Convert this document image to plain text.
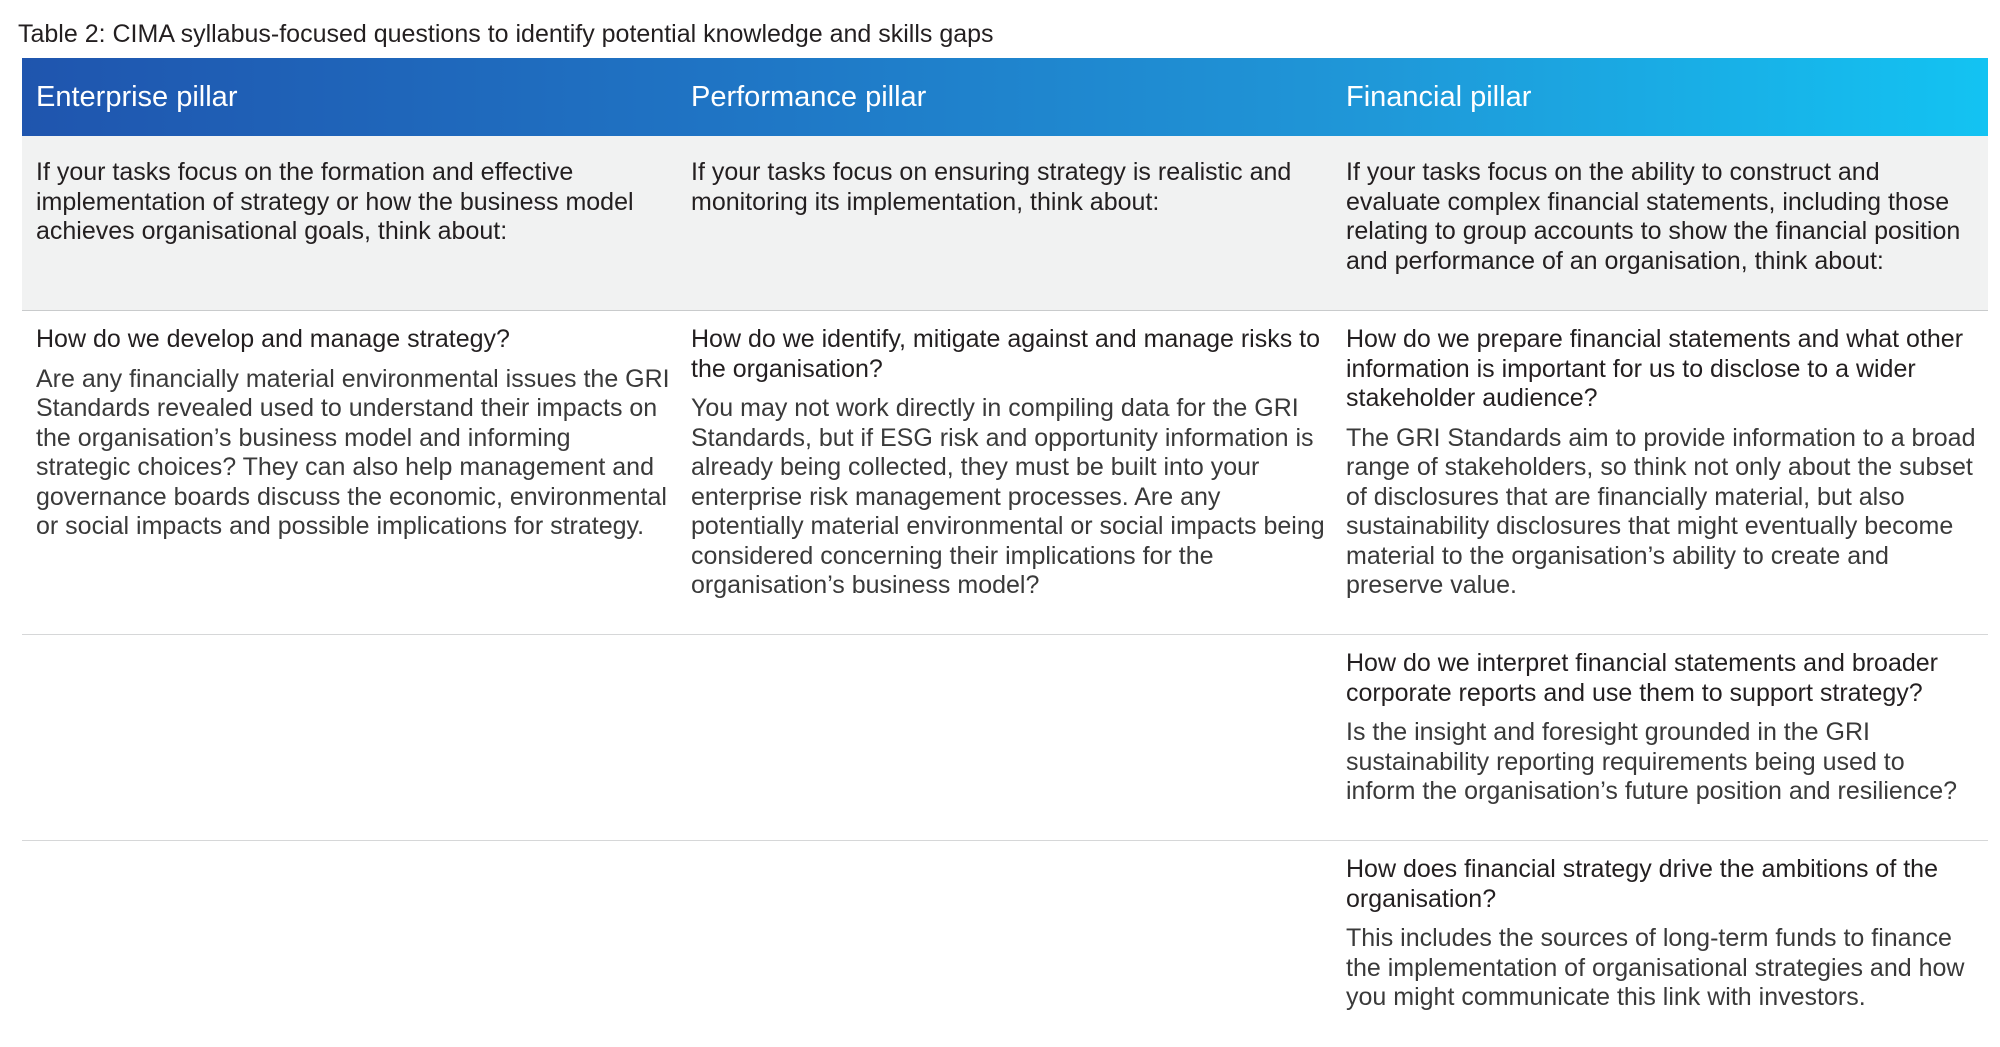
Table 2: CIMA syllabus-focused questions to identify potential knowledge and skills gaps
Enterprise pillar	Performance pillar	Financial pillar
If your tasks focus on the formation and effective implementation of strategy or how the business model achieves organisational goals, think about:
If your tasks focus on ensuring strategy is realistic and monitoring its implementation, think about:
If your tasks focus on the ability to construct and evaluate complex financial statements, including those relating to group accounts to show the financial position and performance of an organisation, think about:

How do we develop and manage strategy?

Are any financially material environmental issues the GRI Standards revealed used to understand their impacts on the organisation’s business model and informing strategic choices? They can also help management and governance boards discuss the economic, environmental or social impacts and possible implications for strategy.

How do we identify, mitigate against and manage risks to the organisation?

You may not work directly in compiling data for the GRI Standards, but if ESG risk and opportunity information is already being collected, they must be built into your enterprise risk management processes. Are any potentially material environmental or social impacts being considered concerning their implications for the organisation’s business model?

How do we prepare financial statements and what other information is important for us to disclose to a wider stakeholder audience?

The GRI Standards aim to provide information to a broad range of stakeholders, so think not only about the subset of disclosures that are financially material, but also sustainability disclosures that might eventually become material to the organisation’s ability to create and preserve value.

How do we interpret financial statements and broader corporate reports and use them to support strategy?

Is the insight and foresight grounded in the GRI sustainability reporting requirements being used to inform the organisation’s future position and resilience?

How does financial strategy drive the ambitions of the organisation?

This includes the sources of long-term funds to finance the implementation of organisational strategies and how you might communicate this link with investors.
